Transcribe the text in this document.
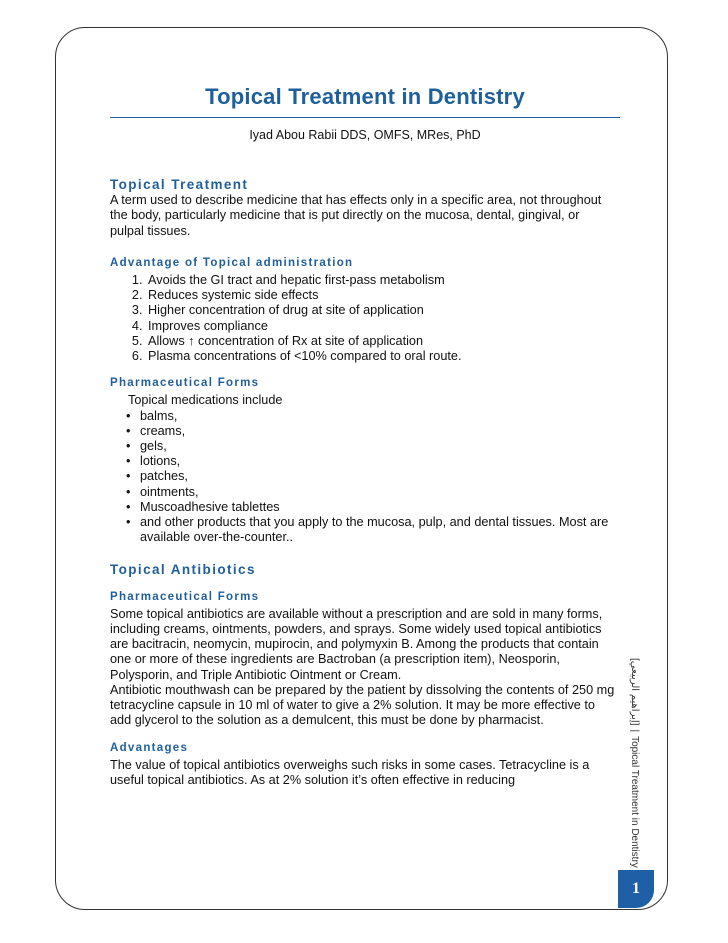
Topical Treatment in Dentistry
Iyad Abou Rabii DDS, OMFS, MRes, PhD
Topical Treatment

A term used to describe medicine that has effects only in a specific area, not throughout the body, particularly medicine that is put directly on the mucosa, dental, gingival, or pulpal tissues.

Advantage of Topical administration
1. Avoids the GI tract and hepatic first-pass metabolism
2. Reduces systemic side effects
3. Higher concentration of drug at site of application
4. Improves compliance
5. Allows ↑ concentration of Rx at site of application
6. Plasma concentrations of <10% compared to oral route.
Pharmaceutical Forms

Topical medications include

• balms,
• creams,
• gels,
• lotions,
• patches,
• ointments,
• Muscoadhesive tablettes
• and other products that you apply to the mucosa, pulp, and dental tissues. Most are available over-the-counter..
Topical Antibiotics
Pharmaceutical Forms

Some topical antibiotics are available without a prescription and are sold in many forms, including creams, ointments, powders, and sprays. Some widely used topical antibiotics are bacitracin, neomycin, mupirocin, and polymyxin B. Among the products that contain one or more of these ingredients are Bactroban (a prescription item), Neosporin, Polysporin, and Triple Antibiotic Ointment or Cream.

Antibiotic mouthwash can be prepared by the patient by dissolving the contents of 250 mg tetracycline capsule in 10 ml of water to give a 2% solution. It may be more effective to add glycerol to the solution as a demulcent, this must be done by pharmacist.

Advantages

The value of topical antibiotics overweighs such risks in some cases. Tetracycline is a useful topical antibiotics. As at 2% solution it’s often effective in reducing

[إبراهيم الربيعي]|Topical Treatment in Dentistry
1
